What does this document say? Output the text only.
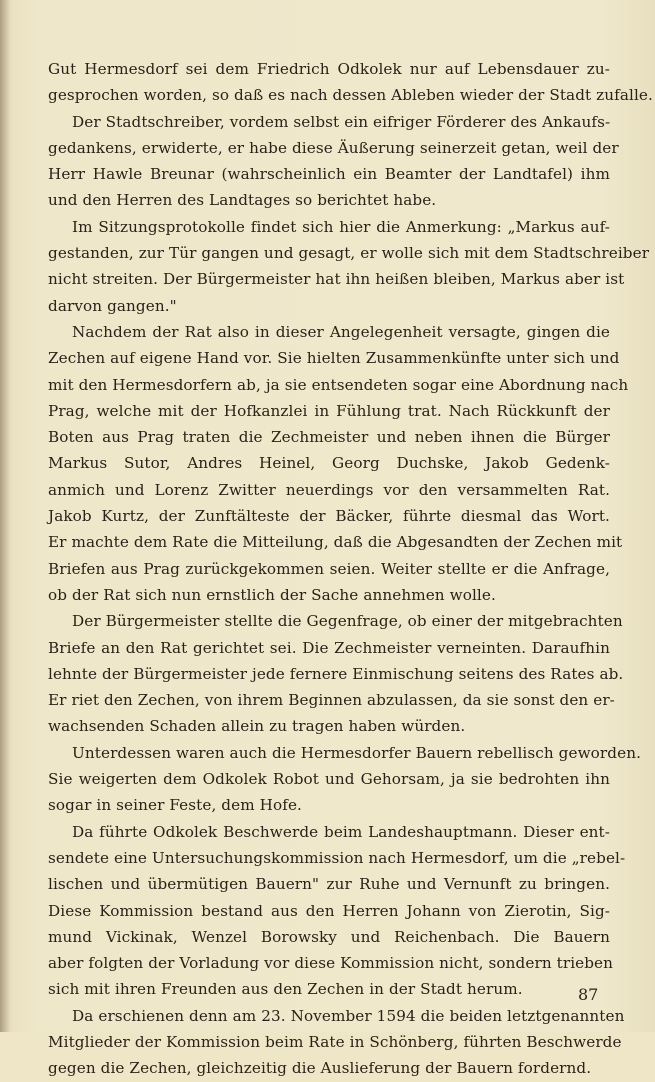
Gut Hermesdorf sei dem Friedrich Odkolek nur auf Lebensdauer zu-
gesprochen worden, so daß es nach dessen Ableben wieder der Stadt zufalle.
Der Stadtschreiber, vordem selbst ein eifriger Förderer des Ankaufs-
gedankens, erwiderte, er habe diese Äußerung seinerzeit getan, weil der
Herr Hawle Breunar (wahrscheinlich ein Beamter der Landtafel) ihm
und den Herren des Landtages so berichtet habe.
Im Sitzungsprotokolle findet sich hier die Anmerkung: „Markus auf-
gestanden, zur Tür gangen und gesagt, er wolle sich mit dem Stadtschreiber
nicht streiten. Der Bürgermeister hat ihn heißen bleiben, Markus aber ist
darvon gangen."
Nachdem der Rat also in dieser Angelegenheit versagte, gingen die
Zechen auf eigene Hand vor. Sie hielten Zusammenkünfte unter sich und
mit den Hermesdorfern ab, ja sie entsendeten sogar eine Abordnung nach
Prag, welche mit der Hofkanzlei in Fühlung trat. Nach Rückkunft der
Boten aus Prag traten die Zechmeister und neben ihnen die Bürger
Markus Sutor, Andres Heinel, Georg Duchske, Jakob Gedenk-
anmich und Lorenz Zwitter neuerdings vor den versammelten Rat.
Jakob Kurtz, der Zunftälteste der Bäcker, führte diesmal das Wort.
Er machte dem Rate die Mitteilung, daß die Abgesandten der Zechen mit
Briefen aus Prag zurückgekommen seien. Weiter stellte er die Anfrage,
ob der Rat sich nun ernstlich der Sache annehmen wolle.
Der Bürgermeister stellte die Gegenfrage, ob einer der mitgebrachten
Briefe an den Rat gerichtet sei. Die Zechmeister verneinten. Daraufhin
lehnte der Bürgermeister jede fernere Einmischung seitens des Rates ab.
Er riet den Zechen, von ihrem Beginnen abzulassen, da sie sonst den er-
wachsenden Schaden allein zu tragen haben würden.
Unterdessen waren auch die Hermesdorfer Bauern rebellisch geworden.
Sie weigerten dem Odkolek Robot und Gehorsam, ja sie bedrohten ihn
sogar in seiner Feste, dem Hofe.
Da führte Odkolek Beschwerde beim Landeshauptmann. Dieser ent-
sendete eine Untersuchungskommission nach Hermesdorf, um die „rebel-
lischen und übermütigen Bauern" zur Ruhe und Vernunft zu bringen.
Diese Kommission bestand aus den Herren Johann von Zierotin, Sig-
mund Vickinak, Wenzel Borowsky und Reichenbach. Die Bauern
aber folgten der Vorladung vor diese Kommission nicht, sondern trieben
sich mit ihren Freunden aus den Zechen in der Stadt herum.
Da erschienen denn am 23. November 1594 die beiden letztgenannten
Mitglieder der Kommission beim Rate in Schönberg, führten Beschwerde
gegen die Zechen, gleichzeitig die Auslieferung der Bauern fordernd.
87
